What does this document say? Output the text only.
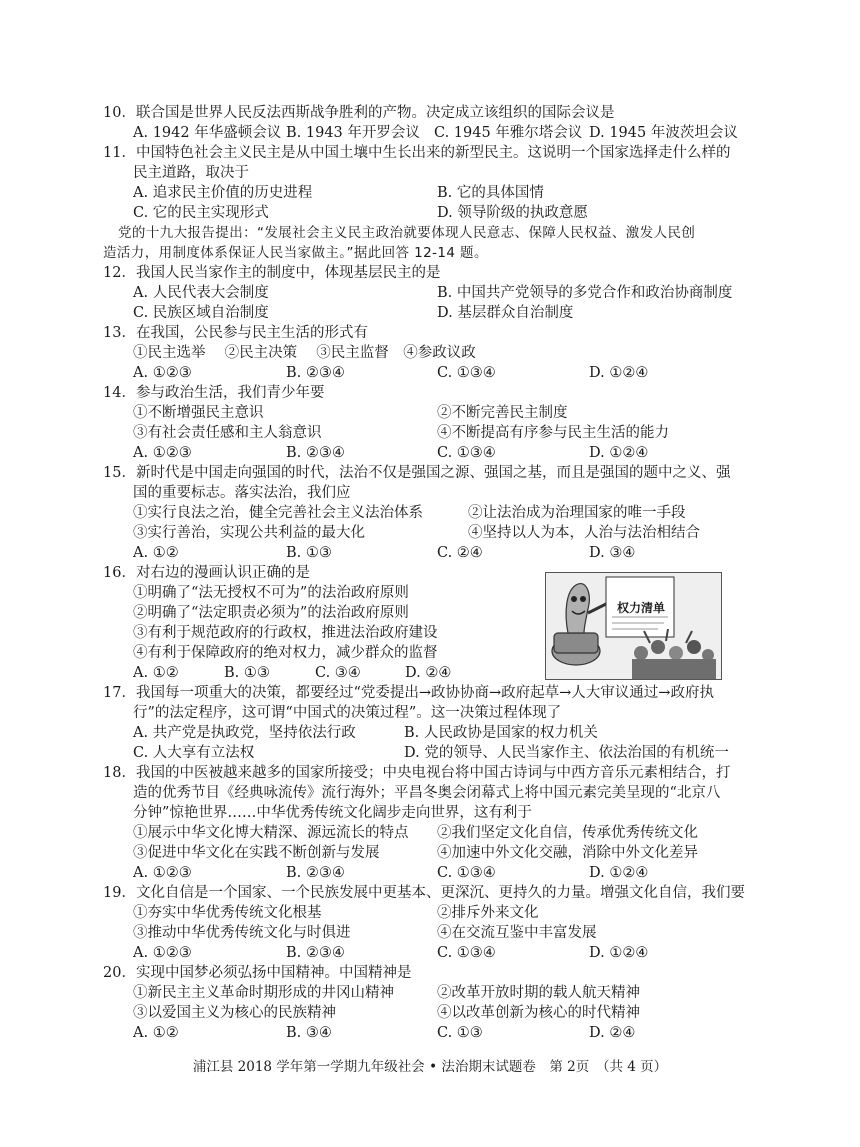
10．联合国是世界人民反法西斯战争胜利的产物。决定成立该组织的国际会议是
A. 1942 年华盛顿会议 B. 1943 年开罗会议 C. 1945 年雅尔塔会议 D. 1945 年波茨坦会议
11．中国特色社会主义民主是从中国土壤中生长出来的新型民主。这说明一个国家选择走什么样的
民主道路，取决于
A. 追求民主价值的历史进程	B. 它的具体国情
C. 它的民主实现形式	D. 领导阶级的执政意愿
党的十九大报告提出：“发展社会主义民主政治就要体现人民意志、保障人民权益、激发人民创
造活力，用制度体系保证人民当家做主。”据此回答 12-14 题。
12．我国人民当家作主的制度中，体现基层民主的是
A. 人民代表大会制度	B. 中国共产党领导的多党合作和政治协商制度
C. 民族区域自治制度	D. 基层群众自治制度
13．在我国，公民参与民主生活的形式有
①民主选举　 ②民主决策　 ③民主监督　④参政议政
A. ①②③	B. ②③④	C. ①③④	D. ①②④
14．参与政治生活，我们青少年要
①不断增强民主意识	②不断完善民主制度
③有社会责任感和主人翁意识	④不断提高有序参与民主生活的能力
A. ①②③	B. ②③④	C. ①③④	D. ①②④
15．新时代是中国走向强国的时代，法治不仅是强国之源、强国之基，而且是强国的题中之义、强
国的重要标志。落实法治，我们应
①实行良法之治，健全完善社会主义法治体系	②让法治成为治理国家的唯一手段
③实行善治，实现公共利益的最大化	④坚持以人为本，人治与法治相结合
A. ①②	B. ①③	C. ②④	D. ③④
16．对右边的漫画认识正确的是
①明确了“法无授权不可为”的法治政府原则
②明确了“法定职责必须为”的法治政府原则
③有利于规范政府的行政权，推进法治政府建设
④有利于保障政府的绝对权力，减少群众的监督
A. ①②	B. ①③	C. ③④	D. ②④
权力清单
17．我国每一项重大的决策，都要经过“党委提出→政协协商→政府起草→人大审议通过→政府执
行”的法定程序，这可谓“中国式的决策过程”。这一决策过程体现了
A. 共产党是执政党，坚持依法行政	B. 人民政协是国家的权力机关
C. 人大享有立法权	D. 党的领导、人民当家作主、依法治国的有机统一
18．我国的中医被越来越多的国家所接受；中央电视台将中国古诗词与中西方音乐元素相结合，打
造的优秀节目《经典咏流传》流行海外；平昌冬奥会闭幕式上将中国元素完美呈现的“北京八
分钟”惊艳世界……中华优秀传统文化阔步走向世界，这有利于
①展示中华文化博大精深、源远流长的特点 ②我们坚定文化自信，传承优秀传统文化
③促进中华文化在实践不断创新与发展	④加速中外文化交融，消除中外文化差异
A. ①②③	B. ②③④	C. ①③④	D. ①②④
19．文化自信是一个国家、一个民族发展中更基本、更深沉、更持久的力量。增强文化自信，我们要
①夯实中华优秀传统文化根基	②排斥外来文化
③推动中华优秀传统文化与时俱进	④在交流互鉴中丰富发展
A. ①②③	B. ②③④	C. ①③④	D. ①②④
20．实现中国梦必须弘扬中国精神。中国精神是
①新民主主义革命时期形成的井冈山精神	②改革开放时期的载人航天精神
③以爱国主义为核心的民族精神	④以改革创新为核心的时代精神
A. ①②	B. ③④	C. ①③	D. ②④
浦江县 2018 学年第一学期九年级社会 • 法治期末试题卷　第 2页　（共 4 页）
